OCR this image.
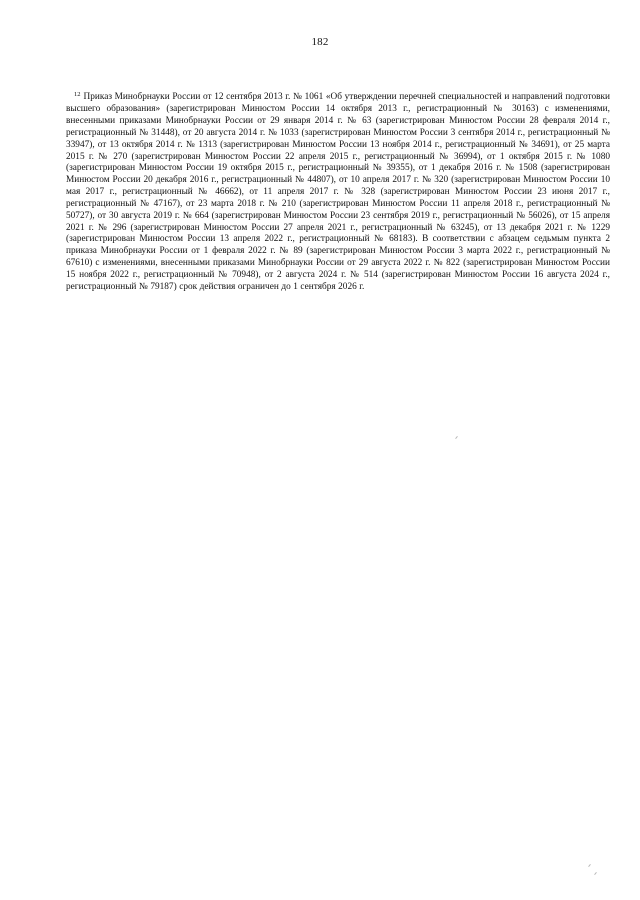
182

$^{12}$ Приказ Минобрнауки России от 12 сентября 2013 г. № 1061 «Об утверждении перечней специальностей и направлений подготовки высшего образования» (зарегистрирован Минюстом России 14 октября 2013 г., регистрационный № 30163) с изменениями, внесенными приказами Минобрнауки России от 29 января 2014 г. № 63 (зарегистрирован Минюстом России 28 февраля 2014 г., регистрационный № 31448), от 20 августа 2014 г. № 1033 (зарегистрирован Минюстом России 3 сентября 2014 г., регистрационный № 33947), от 13 октября 2014 г. № 1313 (зарегистрирован Минюстом России 13 ноября 2014 г., регистрационный № 34691), от 25 марта 2015 г. № 270 (зарегистрирован Минюстом России 22 апреля 2015 г., регистрационный № 36994), от 1 октября 2015 г. № 1080 (зарегистрирован Минюстом России 19 октября 2015 г., регистрационный № 39355), от 1 декабря 2016 г. № 1508 (зарегистрирован Минюстом России 20 декабря 2016 г., регистрационный № 44807), от 10 апреля 2017 г. № 320 (зарегистрирован Минюстом России 10 мая 2017 г., регистрационный № 46662), от 11 апреля 2017 г. № 328 (зарегистрирован Минюстом России 23 июня 2017 г., регистрационный № 47167), от 23 марта 2018 г. № 210 (зарегистрирован Минюстом России 11 апреля 2018 г., регистрационный № 50727), от 30 августа 2019 г. № 664 (зарегистрирован Минюстом России 23 сентября 2019 г., регистрационный № 56026), от 15 апреля 2021 г. № 296 (зарегистрирован Минюстом России 27 апреля 2021 г., регистрационный № 63245), от 13 декабря 2021 г. № 1229 (зарегистрирован Минюстом России 13 апреля 2022 г., регистрационный № 68183). В соответствии с абзацем седьмым пункта 2 приказа Минобрнауки России от 1 февраля 2022 г. № 89 (зарегистрирован Минюстом России 3 марта 2022 г., регистрационный № 67610) с изменениями, внесенными приказами Минобрнауки России от 29 августа 2022 г. № 822 (зарегистрирован Минюстом России 15 ноября 2022 г., регистрационный № 70948), от 2 августа 2024 г. № 514 (зарегистрирован Минюстом России 16 августа 2024 г., регистрационный № 79187) срок действия ограничен до 1 сентября 2026 г.
